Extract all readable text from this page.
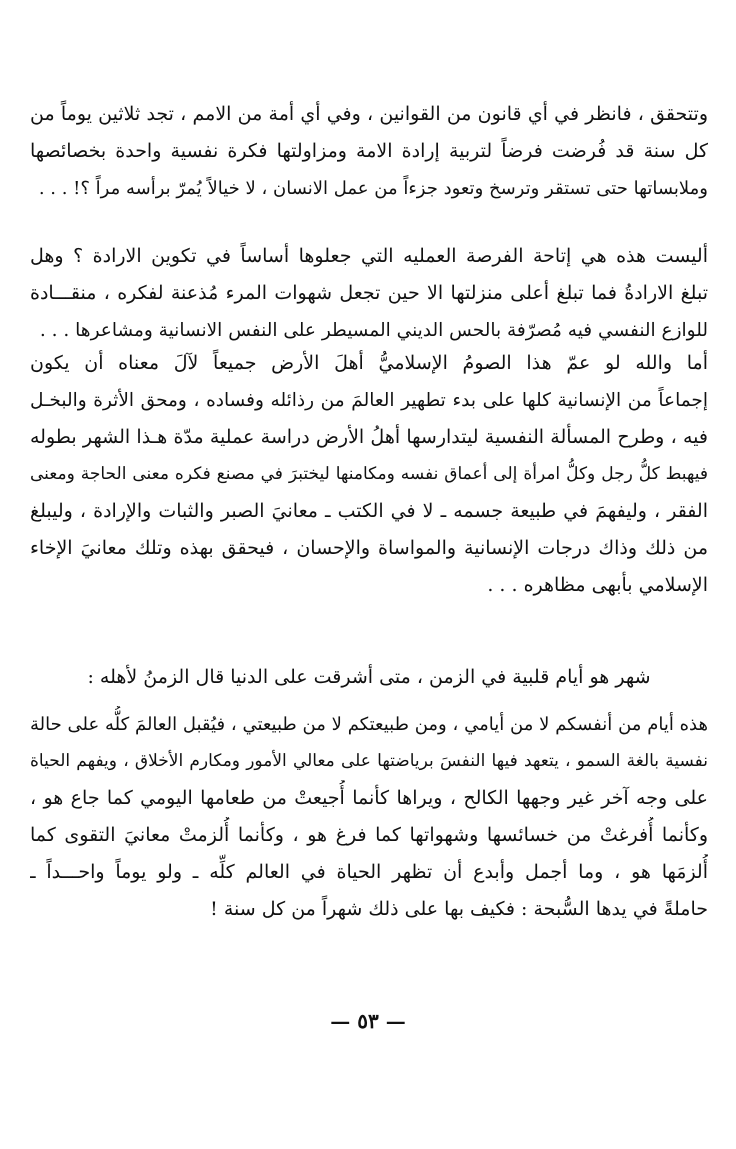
وتتحقق ، فانظر في أي قانون من القوانين ، وفي أي أمة من الامم ، تجد ثلاثين يوماً من
كل سنة قد فُرضت فرضاً لتربية إرادة الامة ومزاولتها فكرة نفسية واحدة بخصائصها
وملابساتها حتى تستقر وترسخ وتعود جزءاً من عمل الانسان ، لا خيالاً يُمرّ برأسه مراً ؟! . . .
أليست هذه هي إتاحة الفرصة العمليه التي جعلوها أساساً في تكوين الارادة ؟ وهل
تبلغ الارادةُ فما تبلغ أعلى منزلتها الا حين تجعل شهوات المرء مُذعنة لفكره ، منقـــادة
للوازع النفسي فيه مُصرّفة بالحس الديني المسيطر على النفس الانسانية ومشاعرها . . .
أما والله لو عمّ هذا الصومُ الإسلاميُّ أهلَ الأرض جميعاً لآلَ معناه أن يكون
إجماعاً من الإنسانية كلها على بدء تطهير العالمَ من رذائله وفساده ، ومحق الأثرة والبخـل
فيه ، وطرح المسألة النفسية ليتدارسها أهلُ الأرض دراسة عملية مدّة هـذا الشهر بطوله
فيهبط كلُّ رجل وكلُّ امرأة إلى أعماق نفسه ومكامنها ليختبرَ في مصنع فكره معنى الحاجة ومعنى
الفقر ، وليفهمَ في طبيعة جسمه ـ لا في الكتب ـ معانيَ الصبر والثبات والإرادة ، وليبلغ
من ذلك وذاك درجات الإنسانية والمواساة والإحسان ، فيحقق بهذه وتلك معانيَ الإخاء
الإسلامي بأبهى مظاهره . . .
شهر هو أيام قلبية في الزمن ، متى أشرقت على الدنيا قال الزمنُ لأهله :
هذه أيام من أنفسكم لا من أيامي ، ومن طبيعتكم لا من طبيعتي ، فيُقبل العالمَ كلُّه على حالة
نفسية بالغة السمو ، يتعهد فيها النفسَ برياضتها على معالي الأمور ومكارم الأخلاق ، ويفهم الحياة
على وجه آخر غير وجهها الكالح ، ويراها كأنما أُجيعتْ من طعامها اليومي كما جاع هو ،
وكأنما أُفرغتْ من خسائسها وشهواتها كما فرغ هو ، وكأنما أُلزمتْ معانيَ التقوى كما
أُلزمَها هو ، وما أجمل وأبدع أن تظهر الحياة في العالم كلِّه ـ ولو يوماً واحـــداً ـ
حاملةً في يدها السُّبحة : فكيف بها على ذلك شهراً من كل سنة !
— ٥٣ —
